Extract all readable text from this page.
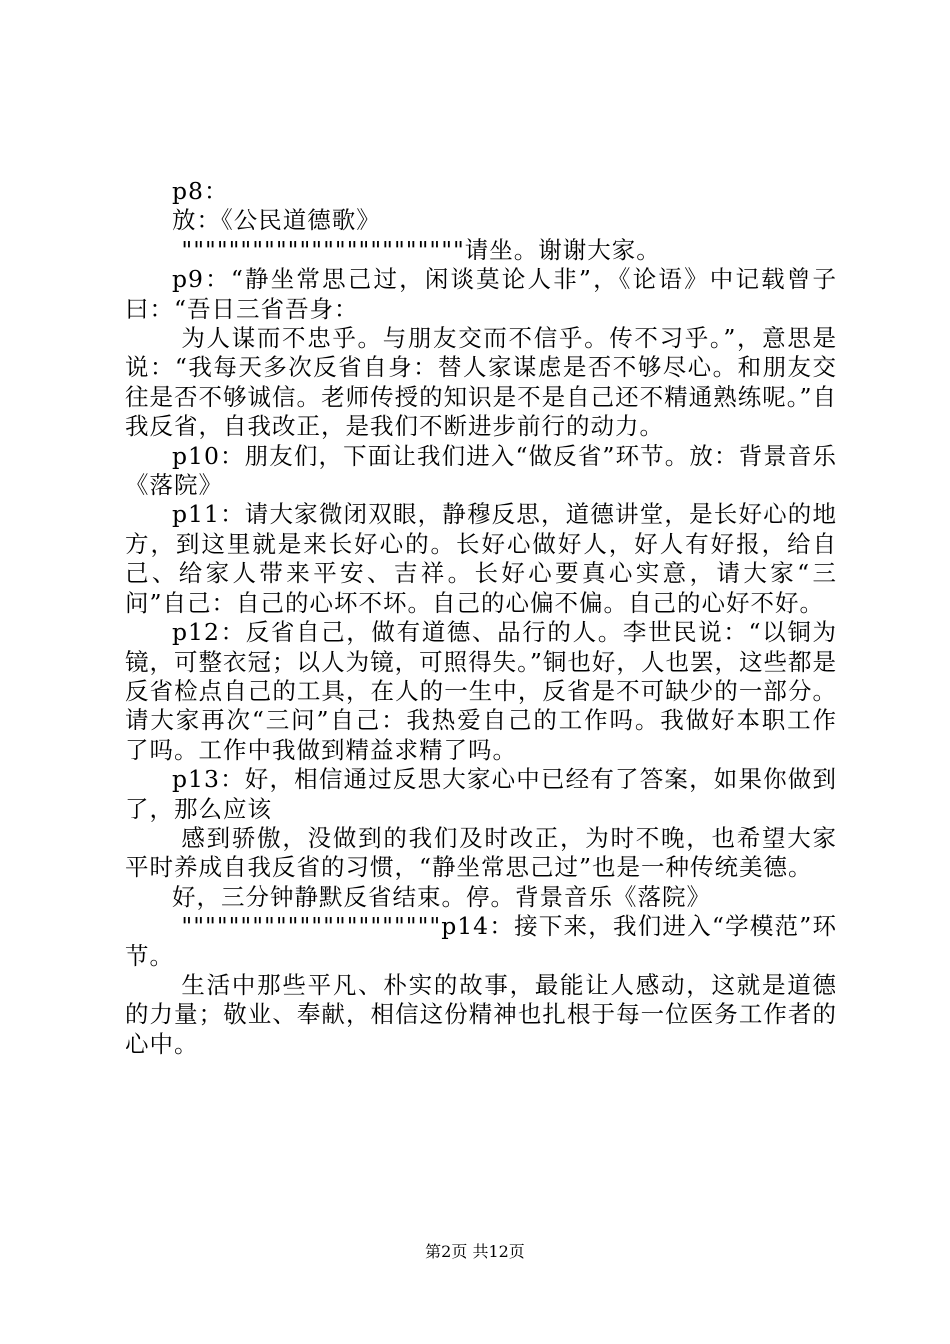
p8：

放：《公民道德歌》

""""""""""""""""""""""""请坐。谢谢大家。

p9：“静坐常思己过，闲谈莫论人非”，《论语》中记载曾子曰：“吾日三省吾身：

为人谋而不忠乎。与朋友交而不信乎。传不习乎。”，意思是说：“我每天多次反省自身：替人家谋虑是否不够尽心。和朋友交往是否不够诚信。老师传授的知识是不是自己还不精通熟练呢。”自我反省，自我改正，是我们不断进步前行的动力。

p10：朋友们，下面让我们进入“做反省”环节。放：背景音乐《落院》

p11：请大家微闭双眼，静穆反思，道德讲堂，是长好心的地方，到这里就是来长好心的。长好心做好人，好人有好报，给自己、给家人带来平安、吉祥。长好心要真心实意，请大家“三问”自己：自己的心坏不坏。自己的心偏不偏。自己的心好不好。

p12：反省自己，做有道德、品行的人。李世民说：“以铜为镜，可整衣冠；以人为镜，可照得失。”铜也好，人也罢，这些都是反省检点自己的工具，在人的一生中，反省是不可缺少的一部分。请大家再次“三问”自己：我热爱自己的工作吗。我做好本职工作了吗。工作中我做到精益求精了吗。

p13：好，相信通过反思大家心中已经有了答案，如果你做到了，那么应该

感到骄傲，没做到的我们及时改正，为时不晚，也希望大家平时养成自我反省的习惯，“静坐常思己过”也是一种传统美德。

好，三分钟静默反省结束。停。背景音乐《落院》

""""""""""""""""""""""p14：接下来，我们进入“学模范”环节。

生活中那些平凡、朴实的故事，最能让人感动，这就是道德的力量；敬业、奉献，相信这份精神也扎根于每一位医务工作者的心中。

第2页 共12页
